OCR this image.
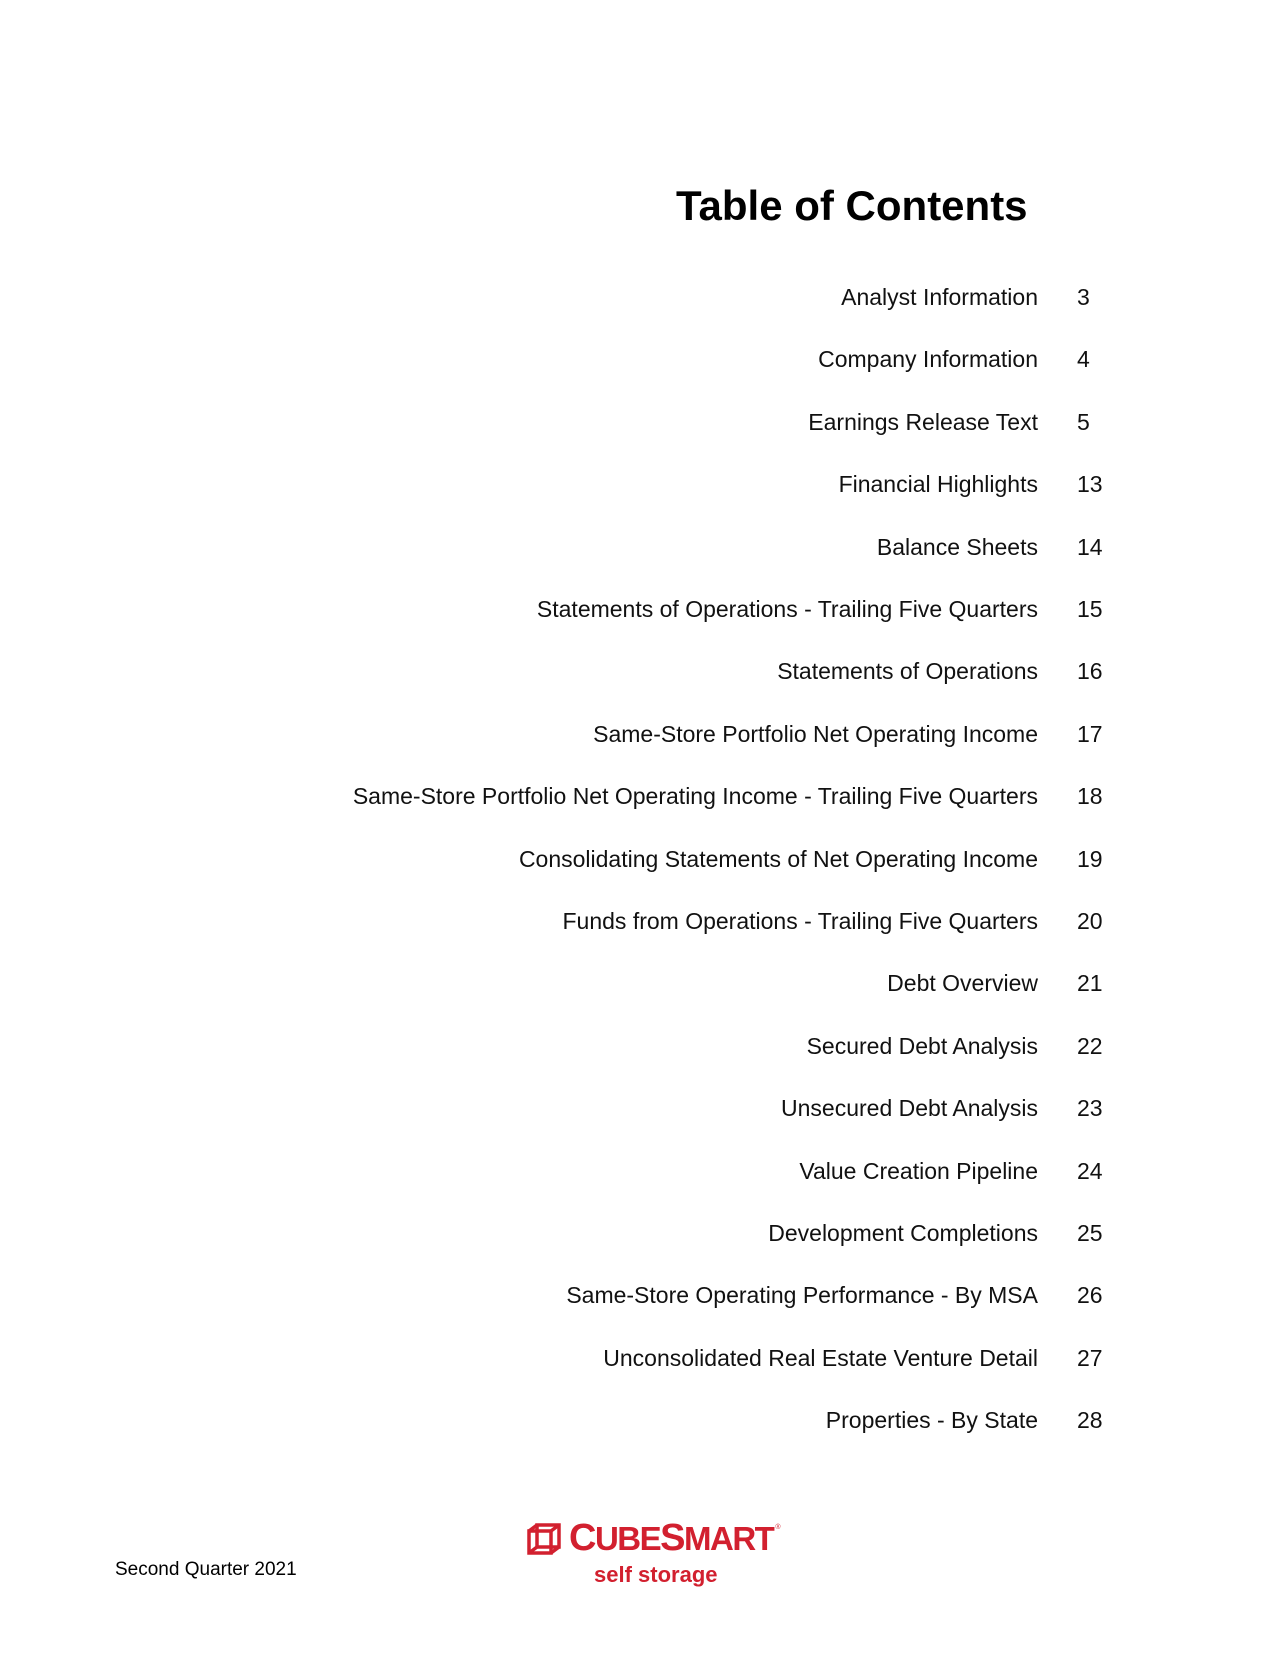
Table of Contents
Analyst Information 3
Company Information 4
Earnings Release Text 5
Financial Highlights 13
Balance Sheets 14
Statements of Operations - Trailing Five Quarters 15
Statements of Operations 16
Same-Store Portfolio Net Operating Income 17
Same-Store Portfolio Net Operating Income - Trailing Five Quarters 18
Consolidating Statements of Net Operating Income 19
Funds from Operations - Trailing Five Quarters 20
Debt Overview 21
Secured Debt Analysis 22
Unsecured Debt Analysis 23
Value Creation Pipeline 24
Development Completions 25
Same-Store Operating Performance - By MSA 26
Unconsolidated Real Estate Venture Detail 27
Properties - By State 28
Second Quarter 2021
CUBESMART ®
self storage
